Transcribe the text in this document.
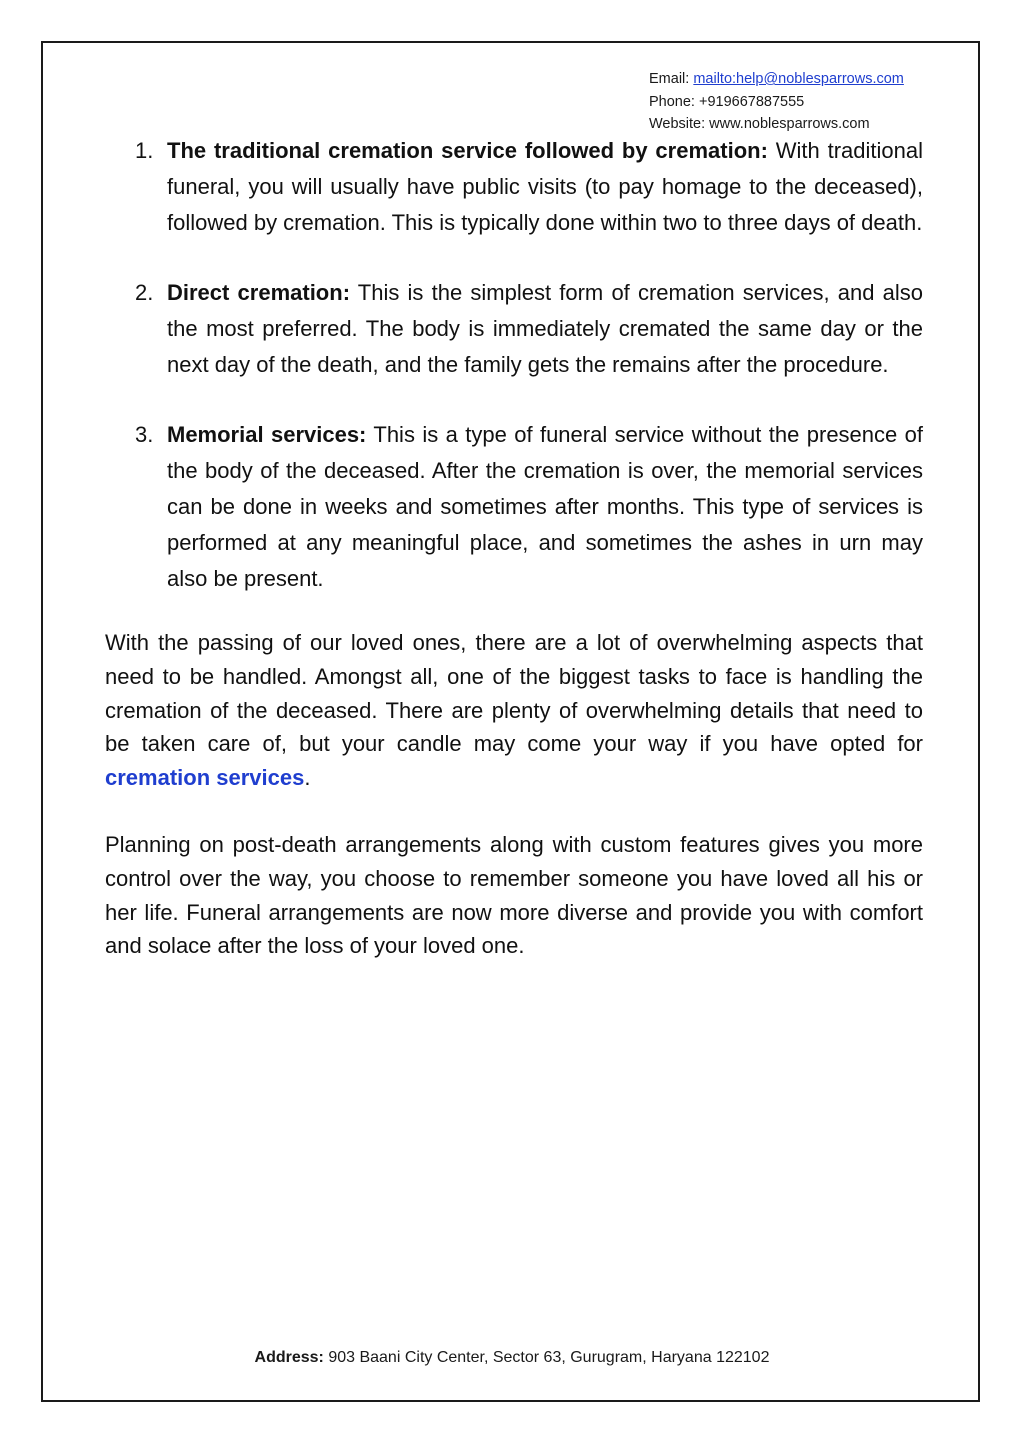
Email: mailto:help@noblesparrows.com
Phone: +919667887555
Website: www.noblesparrows.com
1. The traditional cremation service followed by cremation: With traditional funeral, you will usually have public visits (to pay homage to the deceased), followed by cremation. This is typically done within two to three days of death.
2. Direct cremation: This is the simplest form of cremation services, and also the most preferred. The body is immediately cremated the same day or the next day of the death, and the family gets the remains after the procedure.
3. Memorial services: This is a type of funeral service without the presence of the body of the deceased. After the cremation is over, the memorial services can be done in weeks and sometimes after months. This type of services is performed at any meaningful place, and sometimes the ashes in urn may also be present.

With the passing of our loved ones, there are a lot of overwhelming aspects that need to be handled. Amongst all, one of the biggest tasks to face is handling the cremation of the deceased. There are plenty of overwhelming details that need to be taken care of, but your candle may come your way if you have opted for cremation services.

Planning on post-death arrangements along with custom features gives you more control over the way, you choose to remember someone you have loved all his or her life. Funeral arrangements are now more diverse and provide you with comfort and solace after the loss of your loved one.

Address: 903 Baani City Center, Sector 63, Gurugram, Haryana 122102
